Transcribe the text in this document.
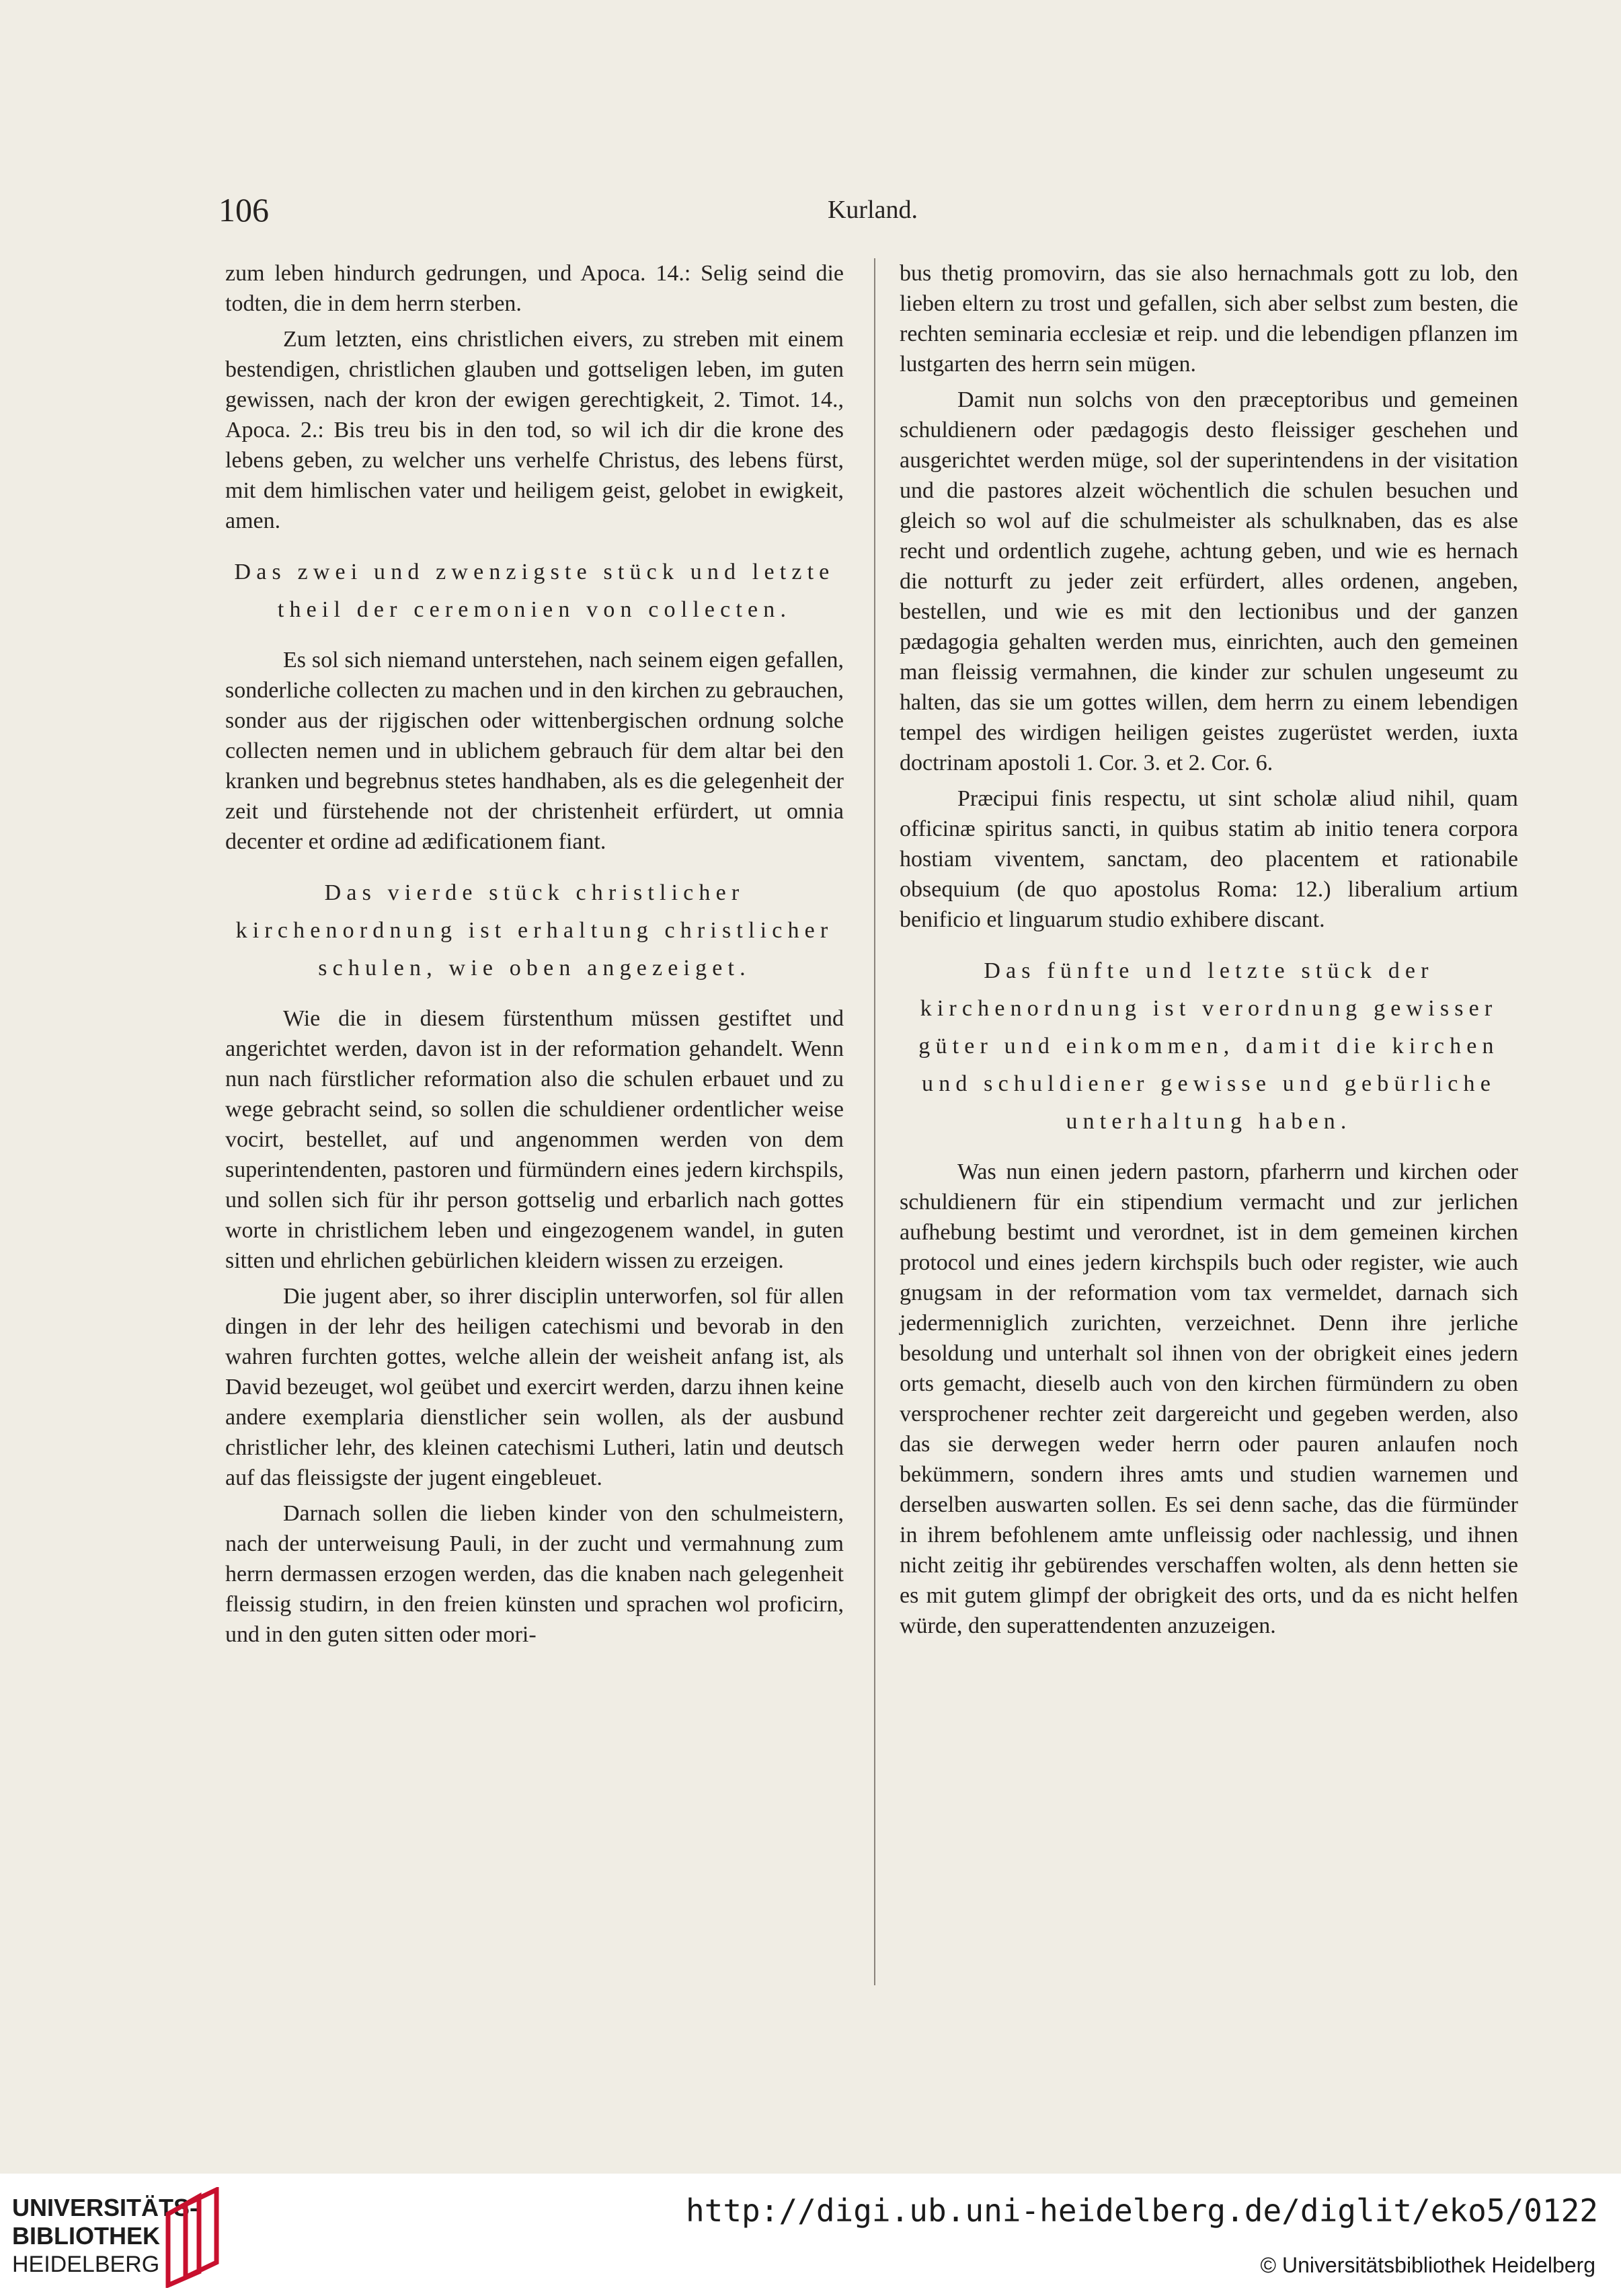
106	Kurland.

zum leben hindurch gedrungen, und Apoca. 14.: Selig seind die todten, die in dem herrn sterben.

Zum letzten, eins christlichen eivers, zu streben mit einem bestendigen, christlichen glauben und gottseligen leben, im guten gewissen, nach der kron der ewigen gerechtigkeit, 2. Timot. 14., Apoca. 2.: Bis treu bis in den tod, so wil ich dir die krone des lebens geben, zu welcher uns verhelfe Christus, des lebens fürst, mit dem himlischen vater und heiligem geist, gelobet in ewigkeit, amen.

Das zwei und zwenzigste stück und letzte theil der ceremonien von collecten.

Es sol sich niemand unterstehen, nach seinem eigen gefallen, sonderliche collecten zu machen und in den kirchen zu gebrauchen, sonder aus der rijgischen oder wittenbergischen ordnung solche collecten nemen und in ublichem gebrauch für dem altar bei den kranken und begrebnus stetes handhaben, als es die gelegenheit der zeit und fürstehende not der christenheit erfürdert, ut omnia decenter et ordine ad ædificationem fiant.

Das vierde stück christlicher kirchenordnung ist erhaltung christlicher schulen, wie oben angezeiget.

Wie die in diesem fürstenthum müssen gestiftet und angerichtet werden, davon ist in der reformation gehandelt. Wenn nun nach fürstlicher reformation also die schulen erbauet und zu wege gebracht seind, so sollen die schuldiener ordentlicher weise vocirt, bestellet, auf und angenommen werden von dem superintendenten, pastoren und fürmündern eines jedern kirchspils, und sollen sich für ihr person gottselig und erbarlich nach gottes worte in christlichem leben und eingezogenem wandel, in guten sitten und ehrlichen gebürlichen kleidern wissen zu erzeigen.

Die jugent aber, so ihrer disciplin unterworfen, sol für allen dingen in der lehr des heiligen catechismi und bevorab in den wahren furchten gottes, welche allein der weisheit anfang ist, als David bezeuget, wol geübet und exercirt werden, darzu ihnen keine andere exemplaria dienstlicher sein wollen, als der ausbund christlicher lehr, des kleinen catechismi Lutheri, latin und deutsch auf das fleissigste der jugent eingebleuet.

Darnach sollen die lieben kinder von den schulmeistern, nach der unterweisung Pauli, in der zucht und vermahnung zum herrn dermassen erzogen werden, das die knaben nach gelegenheit fleissig studirn, in den freien künsten und sprachen wol proficirn, und in den guten sitten oder mori-

bus thetig promovirn, das sie also hernachmals gott zu lob, den lieben eltern zu trost und gefallen, sich aber selbst zum besten, die rechten seminaria ecclesiæ et reip. und die lebendigen pflanzen im lustgarten des herrn sein mügen.

Damit nun solchs von den præceptoribus und gemeinen schuldienern oder pædagogis desto fleissiger geschehen und ausgerichtet werden müge, sol der superintendens in der visitation und die pastores alzeit wöchentlich die schulen besuchen und gleich so wol auf die schulmeister als schulknaben, das es alse recht und ordentlich zugehe, achtung geben, und wie es hernach die notturft zu jeder zeit erfürdert, alles ordenen, angeben, bestellen, und wie es mit den lectionibus und der ganzen pædagogia gehalten werden mus, einrichten, auch den gemeinen man fleissig vermahnen, die kinder zur schulen ungeseumt zu halten, das sie um gottes willen, dem herrn zu einem lebendigen tempel des wirdigen heiligen geistes zugerüstet werden, iuxta doctrinam apostoli 1. Cor. 3. et 2. Cor. 6.

Præcipui finis respectu, ut sint scholæ aliud nihil, quam officinæ spiritus sancti, in quibus statim ab initio tenera corpora hostiam viventem, sanctam, deo placentem et rationabile obsequium (de quo apostolus Roma: 12.) liberalium artium benificio et linguarum studio exhibere discant.

Das fünfte und letzte stück der kirchenordnung ist verordnung gewisser güter und einkommen, damit die kirchen und schuldiener gewisse und gebürliche unterhaltung haben.

Was nun einen jedern pastorn, pfarherrn und kirchen oder schuldienern für ein stipendium vermacht und zur jerlichen aufhebung bestimt und verordnet, ist in dem gemeinen kirchen protocol und eines jedern kirchspils buch oder register, wie auch gnugsam in der reformation vom tax vermeldet, darnach sich jedermenniglich zurichten, verzeichnet. Denn ihre jerliche besoldung und unterhalt sol ihnen von der obrigkeit eines jedern orts gemacht, dieselb auch von den kirchen fürmündern zu oben versprochener rechter zeit dargereicht und gegeben werden, also das sie derwegen weder herrn oder pauren anlaufen noch bekümmern, sondern ihres amts und studien warnemen und derselben auswarten sollen. Es sei denn sache, das die fürmünder in ihrem befohlenem amte unfleissig oder nachlessig, und ihnen nicht zeitig ihr gebürendes verschaffen wolten, als denn hetten sie es mit gutem glimpf der obrigkeit des orts, und da es nicht helfen würde, den superattendenten anzuzeigen.

UNIVERSITÄTS-
BIBLIOTHEK
HEIDELBERG
http://digi.ub.uni-heidelberg.de/diglit/eko5/0122
© Universitätsbibliothek Heidelberg
